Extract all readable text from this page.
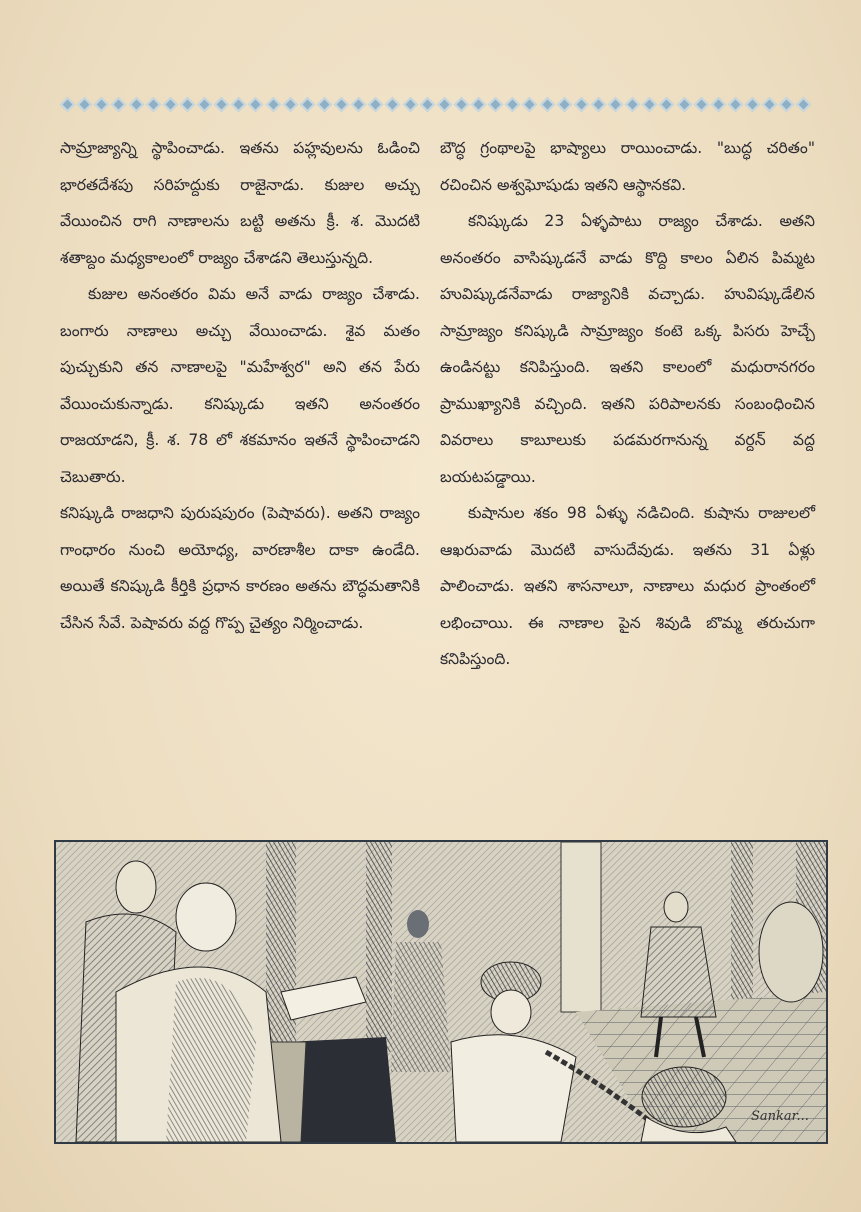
సామ్రాజ్యాన్ని స్థాపించాడు. ఇతను పహ్లవులను ఓడించి భారతదేశపు సరిహద్దుకు రాజైనాడు. కుజుల అచ్చు వేయించిన రాగి నాణాలను బట్టి అతను క్రీ. శ. మొదటి శతాబ్దం మధ్యకాలంలో రాజ్యం చేశాడని తెలుస్తున్నది.

కుజుల అనంతరం విమ అనే వాడు రాజ్యం చేశాడు. బంగారు నాణాలు అచ్చు వేయించాడు. శైవ మతం పుచ్చుకుని తన నాణాలపై "మహేశ్వర" అని తన పేరు వేయించుకున్నాడు. కనిష్కుడు ఇతని అనంతరం రాజయాడని, క్రీ. శ. 78 లో శకమానం ఇతనే స్థాపించాడని చెబుతారు.

కనిష్కుడి రాజధాని పురుషపురం (పెషావరు). అతని రాజ్యం గాంధారం నుంచి అయోధ్య, వారణాశీల దాకా ఉండేది. అయితే కనిష్కుడి కీర్తికి ప్రధాన కారణం అతను బౌద్ధమతానికి చేసిన సేవే. పెషావరు వద్ద గొప్ప చైత్యం నిర్మించాడు.

బౌద్ధ గ్రంథాలపై భాష్యాలు రాయించాడు. "బుద్ధ చరితం" రచించిన అశ్వఘోషుడు ఇతని ఆస్థానకవి.

కనిష్కుడు 23 ఏళ్ళపాటు రాజ్యం చేశాడు. అతని అనంతరం వాసిష్కుడనే వాడు కొద్ది కాలం ఏలిన పిమ్మట హువిష్కుడనేవాడు రాజ్యానికి వచ్చాడు. హువిష్కుడేలిన సామ్రాజ్యం కనిష్కుడి సామ్రాజ్యం కంటె ఒక్క పిసరు హెచ్చే ఉండినట్టు కనిపిస్తుంది. ఇతని కాలంలో మధురానగరం ప్రాముఖ్యానికి వచ్చింది. ఇతని పరిపాలనకు సంబంధించిన వివరాలు కాబూలుకు పడమరగానున్న వర్దన్ వద్ద బయటపడ్డాయి.

కుషానుల శకం 98 ఏళ్ళు నడిచింది. కుషాను రాజులలో ఆఖరువాడు మొదటి వాసుదేవుడు. ఇతను 31 ఏళ్లు పాలించాడు. ఇతని శాసనాలూ, నాణాలు మధుర ప్రాంతంలో లభించాయి. ఈ నాణాల పైన శివుడి బొమ్మ తరుచుగా కనిపిస్తుంది.

Sankar...
